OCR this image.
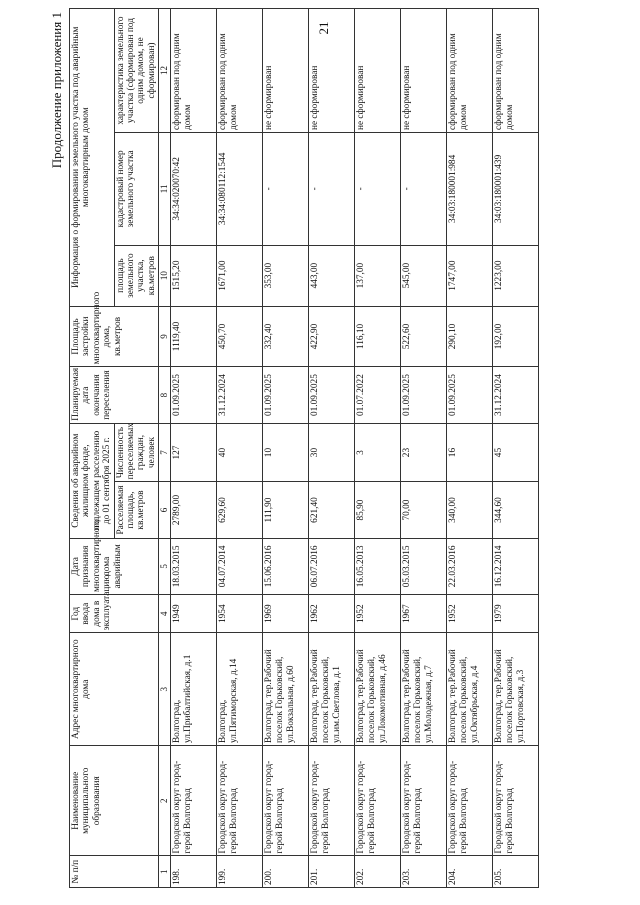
21
Продолжение приложения 1
№ п/п	Наименование муниципального образования	Адрес многоквартирного дома	Год ввода дома в эксплуатацию	Дата признания многоквартирного дома аварийным	Сведения об аварийном жилищном фонде, подлежащем расселению до 01 сентября 2025 г.		Планируемая дата окончания переселения	Площадь застройки многоквартирного дома, кв.метров	Информация о формировании земельного участка под аварийным многоквартирным домом		
					Расселяемая площадь, кв.метров	Численность переселяемых граждан, человек			площадь земельного участка, кв.метров	кадастровый номер земельного участка	характеристика земельного участка (сформирован под одним домом, не сформирован)
1	2	3	4	5	6	7	8	9	10	11	12
198.	Городской округ город-герой Волгоград	Волгоград, ул.Прибалтийская, д.1	1949	18.03.2015	2789,00	127	01.09.2025	1119,40	1515,20	34:34:020070:42	сформирован под одним домом
199.	Городской округ город-герой Волгоград	Волгоград, ул.Пятиморская, д.14	1954	04.07.2014	629,60	40	31.12.2024	450,70	1671,00	34:34:080112:1544	сформирован под одним домом
200.	Городской округ город-герой Волгоград	Волгоград, тер.Рабочий поселок Горьковский, ул.Вокзальная, д.60	1969	15.06.2016	111,90	10	01.09.2025	332,40	353,00	-	не сформирован
201.	Городской округ город-герой Волгоград	Волгоград, тер.Рабочий поселок Горьковский, ул.им.Светлова, д.1	1962	06.07.2016	621,40	30	01.09.2025	422,90	443,00	-	не сформирован
202.	Городской округ город-герой Волгоград	Волгоград, тер.Рабочий поселок Горьковский, ул.Локомотивная, д.46	1952	16.05.2013	85,90	3	01.07.2022	116,10	137,00	-	не сформирован
203.	Городской округ город-герой Волгоград	Волгоград, тер.Рабочий поселок Горьковский, ул.Молодежная, д.7	1967	05.03.2015	70,00	23	01.09.2025	522,60	545,00	-	не сформирован
204.	Городской округ город-герой Волгоград	Волгоград, тер.Рабочий поселок Горьковский, ул.Октябрьская, д.4	1952	22.03.2016	340,00	16	01.09.2025	290,10	1747,00	34:03:180001:984	сформирован под одним домом
205.	Городской округ город-герой Волгоград	Волгоград, тер.Рабочий поселок Горьковский, ул.Портовская, д.3	1979	16.12.2014	344,60	45	31.12.2024	192,00	1223,00	34:03:180001:439	сформирован под одним домом
